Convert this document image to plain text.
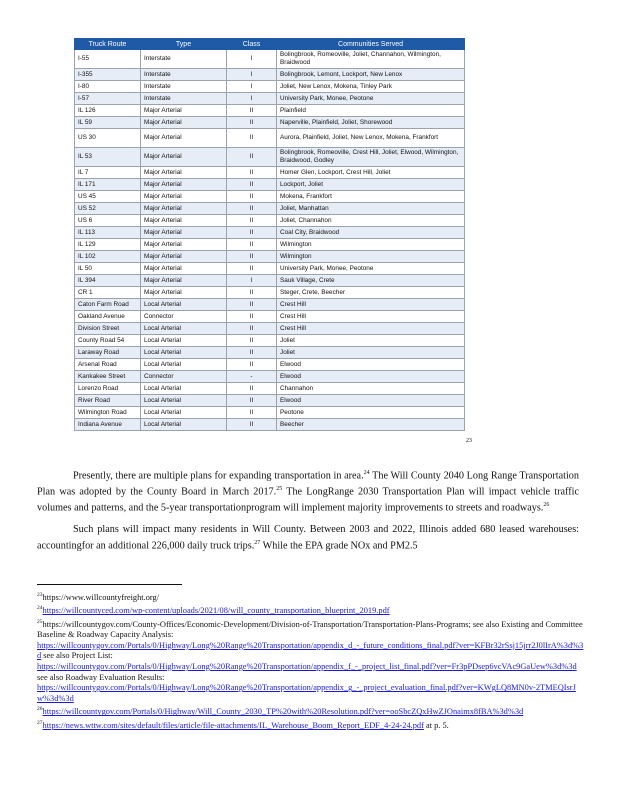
Truck Route	Type	Class	Communities Served
I-55	Interstate	I	Bolingbrook, Romeoville, Joliet, Channahon, Wilmington, Braidwood
I-355	Interstate	I	Bolingbrook, Lemont, Lockport, New Lenox
I-80	Interstate	I	Joliet, New Lenox, Mokena, Tinley Park
I-57	Interstate	I	University Park, Monee, Peotone
IL 126	Major Arterial	II	Plainfield
IL 59	Major Arterial	II	Naperville, Plainfield, Joliet, Shorewood
US 30	Major Arterial	II	Aurora, Plainfield, Joliet, New Lenox, Mokena, Frankfort
IL 53	Major Arterial	II	Bolingbrook, Romeoville, Crest Hill, Joliet, Elwood, Wilmington, Braidwood, Godley
IL 7	Major Arterial	II	Homer Glen, Lockport, Crest Hill, Joliet
IL 171	Major Arterial	II	Lockport, Joliet
US 45	Major Arterial	II	Mokena, Frankfort
US 52	Major Arterial	II	Joliet, Manhattan
US 6	Major Arterial	II	Joliet, Channahon
IL 113	Major Arterial	II	Coal City, Braidwood
IL 129	Major Arterial	II	Wilmington
IL 102	Major Arterial	II	Wilmington
IL 50	Major Arterial	II	University Park, Monee, Peotone
IL 394	Major Arterial	I	Sauk Village, Crete
CR 1	Major Arterial	II	Steger, Crete, Beecher
Caton Farm Road	Local Arterial	II	Crest Hill
Oakland Avenue	Connector	II	Crest Hill
Division Street	Local Arterial	II	Crest Hill
County Road 54	Local Arterial	II	Joliet
Laraway Road	Local Arterial	II	Joliet
Arsenal Road	Local Arterial	II	Elwood
Kankakee Street	Connector	-	Elwood
Lorenzo Road	Local Arterial	II	Channahon
River Road	Local Arterial	II	Elwood
Wilmington Road	Local Arterial	II	Peotone
Indiana Avenue	Local Arterial	II	Beecher
23

Presently, there are multiple plans for expanding transportation in area.$^{24}$ The Will County 2040 Long Range Transportation Plan was adopted by the County Board in March 2017.25 The LongRange 2030 Transportation Plan will impact vehicle traffic volumes and patterns, and the 5-year transportationprogram will implement majority improvements to streets and roadways.$^{26}$

Such plans will impact many residents in Will County. Between 2003 and 2022, Illinois added 680 leased warehouses: accountingfor an additional 226,000 daily truck trips.$^{27}$ While the EPA grade NOx and PM2.5

$^{23}$https://www.willcountyfreight.org/
$^{24}$https://willcountyced.com/wp-content/uploads/2021/08/will_county_transportation_blueprint_2019.pdf
$^{25}$https://willcountygov.com/County-Offices/Economic-Development/Division-of-Transportation/Transportation-Plans-Programs; see also Existing and Committee Baseline & Roadway Capacity Analysis:
https://willcountygov.com/Portals/0/Highway/Long%20Range%20Transportation/appendix_d_-_future_conditions_final.pdf?ver=KFBr32rSsj15jrr2J0lIrA%3d%3d see also Project List:
https://willcountygov.com/Portals/0/Highway/Long%20Range%20Transportation/appendix_f_-_project_list_final.pdf?ver=Fr3pPDsep6vcVAc9GaUew%3d%3dsee also Roadway Evaluation Results:
https://willcountygov.com/Portals/0/Highway/Long%20Range%20Transportation/appendix_g_-_project_evaluation_final.pdf?ver=KWgLQ8MN0v-2TMEQIsrJw%3d%3d
$^{26}$https://willcountygov.com/Portals/0/Highway/Will_County_2030_TP%20with%20Resolution.pdf?ver=ooSbcZQxHwZJOnaimx8fBA%3d%3d
$^{27}$https://news.wttw.com/sites/default/files/article/file-attachments/IL_Warehouse_Boom_Report_EDF_4-24-24.pdf at p. 5.
